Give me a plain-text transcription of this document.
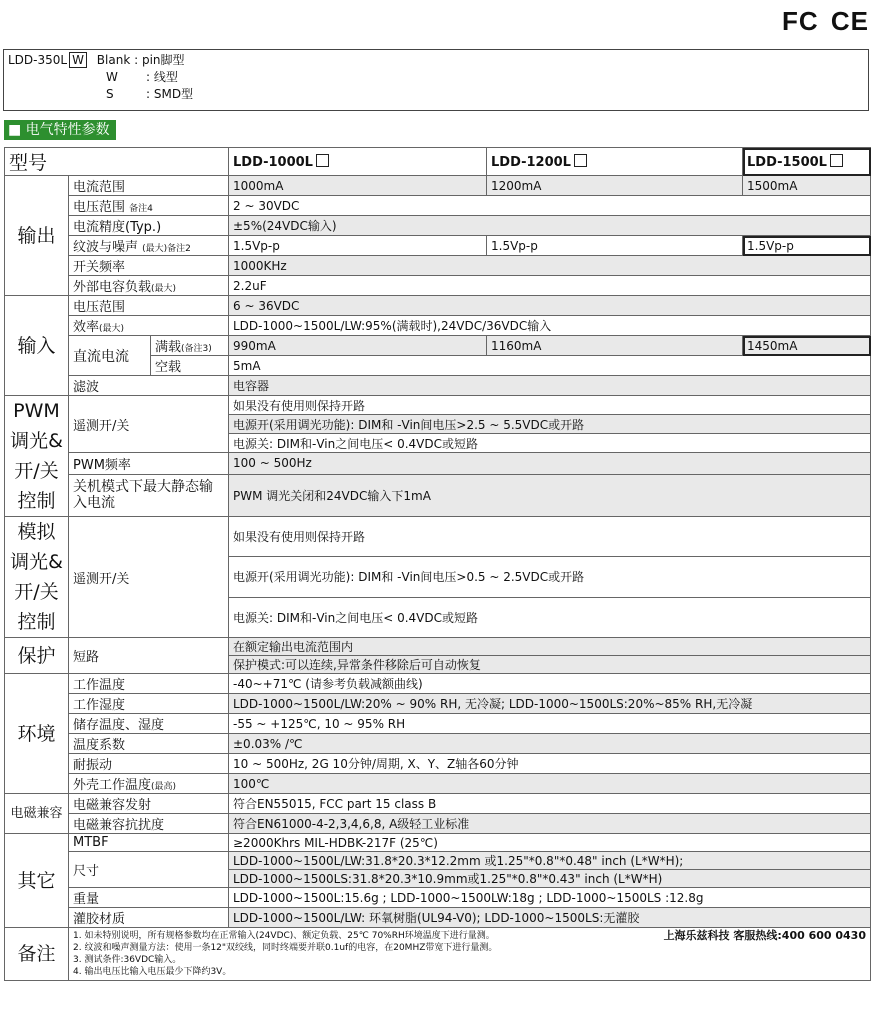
FC CE
LDD-350L W Blank : pin脚型
W : 线型
S	: SMD型
■ 电气特性参数
型号			LDD-1000L	LDD-1200L	LDD-1500L
输出	电流范围		1000mA	1200mA	1500mA
	电压范围 备注4		2 ~ 30VDC		
	电流精度(Typ.)		±5%(24VDC输入)		
	纹波与噪声 (最大)备注2		1.5Vp-p	1.5Vp-p	1.5Vp-p
	开关频率		1000KHz		
	外部电容负载(最大)		2.2uF		
输入	电压范围		6 ~ 36VDC		
	效率(最大)		LDD-1000~1500L/LW:95%(满载时),24VDC/36VDC输入		
	直流电流	满载(备注3)	990mA	1160mA	1450mA
		空载	5mA		
	滤波		电容器		
PWM调光&开/关控制	遥测开/关		如果没有使用则保持开路		
			电源开(采用调光功能): DIM和 -Vin间电压>2.5 ~ 5.5VDC或开路		
			电源关: DIM和-Vin之间电压< 0.4VDC或短路		
	PWM频率		100 ~ 500Hz		
	关机模式下最大静态输入电流		PWM 调光关闭和24VDC输入下1mA		
模拟调光&开/关控制	遥测开/关		如果没有使用则保持开路		
			电源开(采用调光功能): DIM和 -Vin间电压>0.5 ~ 2.5VDC或开路		
			电源关: DIM和-Vin之间电压< 0.4VDC或短路		
保护	短路		在额定输出电流范围内		
			保护模式:可以连续,异常条件移除后可自动恢复		
环境	工作温度		-40~+71℃ (请参考负载减额曲线)		
	工作湿度		LDD-1000~1500L/LW:20% ~ 90% RH, 无冷凝; LDD-1000~1500LS:20%~85% RH,无冷凝		
	储存温度、湿度		-55 ~ +125℃, 10 ~ 95% RH		
	温度系数		±0.03% /℃		
	耐振动		10 ~ 500Hz, 2G 10分钟/周期, X、Y、Z轴各60分钟		
	外壳工作温度(最高)		100℃		
电磁兼容	电磁兼容发射		符合EN55015, FCC part 15 class B		
	电磁兼容抗扰度		符合EN61000-4-2,3,4,6,8, A级轻工业标准		
其它	MTBF		≥2000Khrs MIL-HDBK-217F (25℃)		
	尺寸		LDD-1000~1500L/LW:31.8*20.3*12.2mm 或1.25"*0.8"*0.48" inch (L*W*H);		
			LDD-1000~1500LS:31.8*20.3*10.9mm或1.25"*0.8"*0.43" inch (L*W*H)		
	重量		LDD-1000~1500L:15.6g ; LDD-1000~1500LW:18g ; LDD-1000~1500LS :12.8g		
	灌胶材质		LDD-1000~1500L/LW: 环氧树脂(UL94-V0); LDD-1000~1500LS:无灌胶		
备注	上海乐兹科技 客服热线:400 600 0430
1. 如未特别说明，所有规格参数均在正常输入(24VDC)、额定负载、25℃ 70%RH环境温度下进行量测。
2. 纹波和噪声测量方法：使用一条12"双绞线，同时终端要并联0.1uf的电容，在20MHZ带宽下进行量测。
3. 测试条件:36VDC输入。
4. 输出电压比输入电压最少下降约3V。				
